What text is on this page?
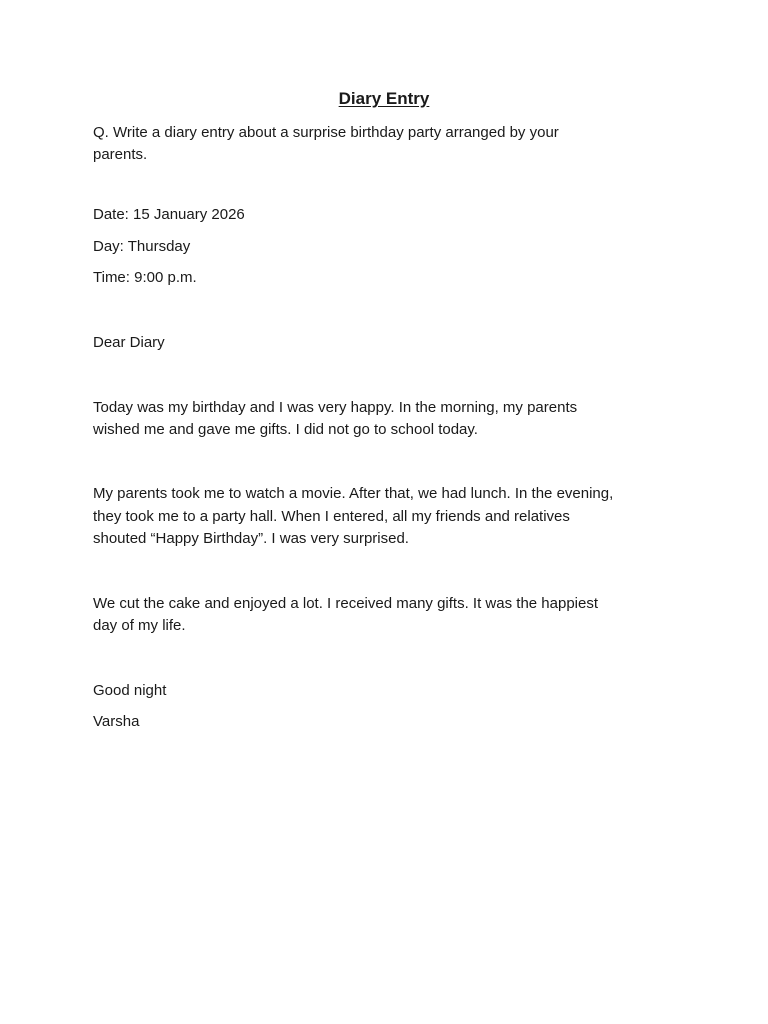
Diary Entry
Q. Write a diary entry about a surprise birthday party arranged by your
parents.
Date: 15 January 2026
Day: Thursday
Time: 9:00 p.m.
Dear Diary
Today was my birthday and I was very happy. In the morning, my parents
wished me and gave me gifts. I did not go to school today.
My parents took me to watch a movie. After that, we had lunch. In the evening,
they took me to a party hall. When I entered, all my friends and relatives
shouted “Happy Birthday”. I was very surprised.
We cut the cake and enjoyed a lot. I received many gifts. It was the happiest
day of my life.
Good night
Varsha
